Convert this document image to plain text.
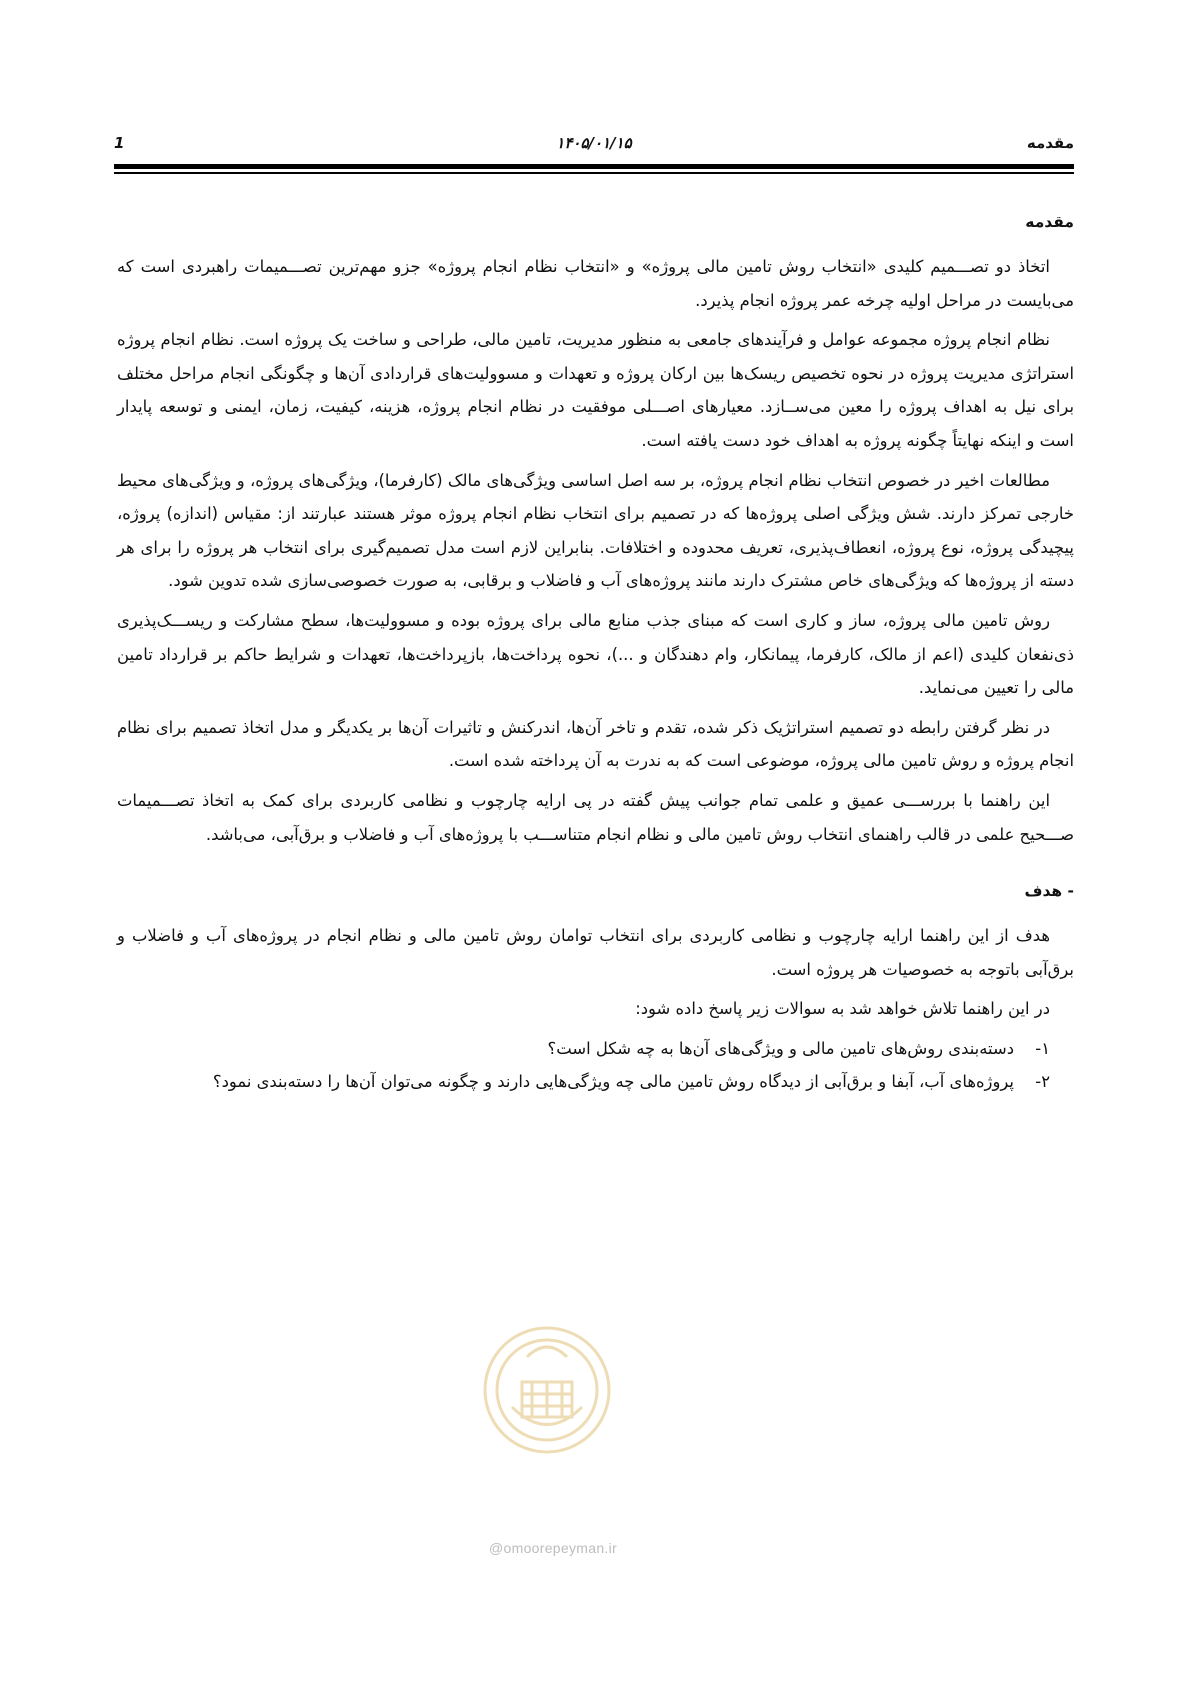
مقدمه
۱۴۰۵/۰۱/۱۵
1
مقدمه

اتخاذ دو تصـــمیم کلیدی «انتخاب روش تامین مالی پروژه» و «انتخاب نظام انجام پروژه» جزو مهم‌ترین تصـــمیمات راهبردی است که می‌بایست در مراحل اولیه چرخه عمر پروژه انجام پذیرد.

نظام انجام پروژه مجموعه عوامل و فرآیندهای جامعی به منظور مدیریت، تامین مالی، طراحی و ساخت یک پروژه است. نظام انجام پروژه استراتژی مدیریت پروژه در نحوه تخصیص ریسک‌ها بین ارکان پروژه و تعهدات و مسوولیت‌های قراردادی آن‌ها و چگونگی انجام مراحل مختلف برای نیل به اهداف پروژه را معین می‌ســازد. معیارهای اصـــلی موفقیت در نظام انجام پروژه، هزینه، کیفیت، زمان، ایمنی و توسعه پایدار است و اینکه نهایتاً چگونه پروژه به اهداف خود دست یافته است.

مطالعات اخیر در خصوص انتخاب نظام انجام پروژه، بر سه اصل اساسی ویژگی‌های مالک (کارفرما)، ویژگی‌های پروژه، و ویژگی‌های محیط خارجی تمرکز دارند. شش ویژگی اصلی پروژه‌ها که در تصمیم برای انتخاب نظام انجام پروژه موثر هستند عبارتند از: مقیاس (اندازه) پروژه، پیچیدگی پروژه، نوع پروژه، انعطاف‌پذیری، تعریف محدوده و اختلافات. بنابراین لازم است مدل تصمیم‌گیری برای انتخاب هر پروژه را برای هر دسته از پروژه‌ها که ویژگی‌های خاص مشترک دارند مانند پروژه‌های آب و فاضلاب و برقابی، به صورت خصوصی‌سازی شده تدوین شود.

روش تامین مالی پروژه، ساز و کاری است که مبنای جذب منابع مالی برای پروژه بوده و مسوولیت‌ها، سطح مشارکت و ریســـک‌پذیری ذی‌نفعان کلیدی (اعم از مالک، کارفرما، پیمانکار، وام دهندگان و ...)، نحوه پرداخت‌ها، بازپرداخت‌ها، تعهدات و شرایط حاکم بر قرارداد تامین مالی را تعیین می‌نماید.

در نظر گرفتن رابطه دو تصمیم استراتژیک ذکر شده، تقدم و تاخر آن‌ها، اندرکنش و تاثیرات آن‌ها بر یکدیگر و مدل اتخاذ تصمیم برای نظام انجام پروژه و روش تامین مالی پروژه، موضوعی است که به ندرت به آن پرداخته شده است.

این راهنما با بررســـی عمیق و علمی تمام جوانب پیش گفته در پی ارایه چارچوب و نظامی کاربردی برای کمک به اتخاذ تصـــمیمات صـــحیح علمی در قالب راهنمای انتخاب روش تامین مالی و نظام انجام متناســـب با پروژه‌های آب و فاضلاب و برق‌آبی، می‌باشد.

- هدف

هدف از این راهنما ارایه چارچوب و نظامی کاربردی برای انتخاب توامان روش تامین مالی و نظام انجام در پروژه‌های آب و فاضلاب و برق‌آبی باتوجه به خصوصیات هر پروژه است.

در این راهنما تلاش خواهد شد به سوالات زیر پاسخ داده شود:

۱-
دسته‌بندی روش‌های تامین مالی و ویژگی‌های آن‌ها به چه شکل است؟
۲-
پروژه‌های آب، آبفا و برق‌آبی از دیدگاه روش تامین مالی چه ویژگی‌هایی دارند و چگونه می‌توان آن‌ها را دسته‌بندی نمود؟
@omoorepeyman.ir
